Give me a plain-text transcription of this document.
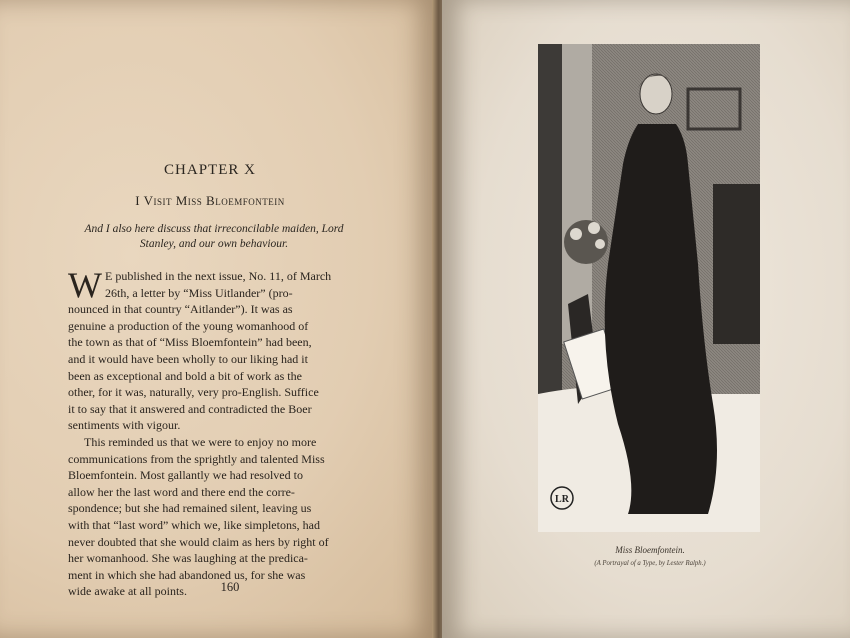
CHAPTER X
I Visit Miss Bloemfontein
And I also here discuss that irreconcilable maiden, Lord
Stanley, and our own behaviour.
W E published in the next issue, No. 11, of March
26th, a letter by “Miss Uitlander” (pro-
nounced in that country “Aitlander”). It was as
genuine a production of the young womanhood of
the town as that of “Miss Bloemfontein” had been,
and it would have been wholly to our liking had it
been as exceptional and bold a bit of work as the
other, for it was, naturally, very pro-English. Suffice
it to say that it answered and contradicted the Boer
sentiments with vigour.

This reminded us that we were to enjoy no more
communications from the sprightly and talented Miss
Bloemfontein. Most gallantly we had resolved to
allow her the last word and there end the corre-
spondence; but she had remained silent, leaving us
with that “last word” which we, like simpletons, had
never doubted that she would claim as hers by right of
her womanhood. She was laughing at the predica-
ment in which she had abandoned us, for she was
wide awake at all points.	160
LR
Miss Bloemfontein.
(A Portrayal of a Type, by Lester Ralph.)
